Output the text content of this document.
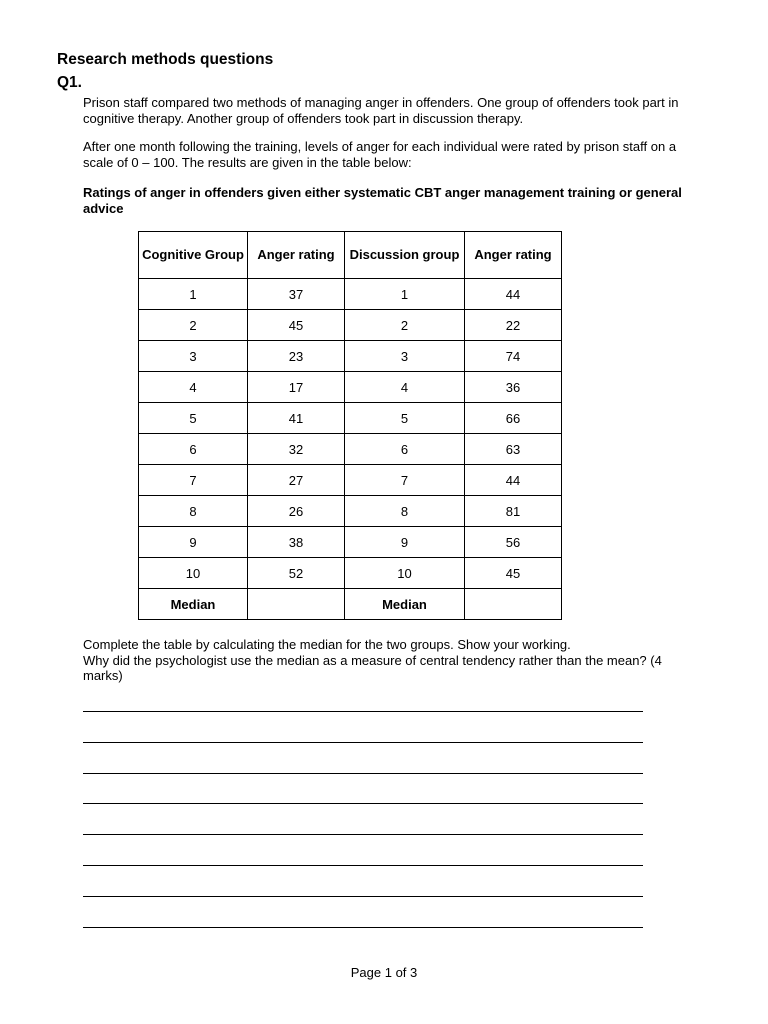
Research methods questions
Q1.

Prison staff compared two methods of managing anger in offenders. One group of offenders took part in cognitive therapy. Another group of offenders took part in discussion therapy.

After one month following the training, levels of anger for each individual were rated by prison staff on a scale of 0 – 100. The results are given in the table below:

Ratings of anger in offenders given either systematic CBT anger management training or general advice

Cognitive Group	Anger rating	Discussion group	Anger rating
1	37	1	44
2	45	2	22
3	23	3	74
4	17	4	36
5	41	5	66
6	32	6	63
7	27	7	44
8	26	8	81
9	38	9	56
10	52	10	45
Median		Median	

Complete the table by calculating the median for the two groups. Show your working.
Why did the psychologist use the median as a measure of central tendency rather than the mean? (4 marks)

Page 1 of 3
